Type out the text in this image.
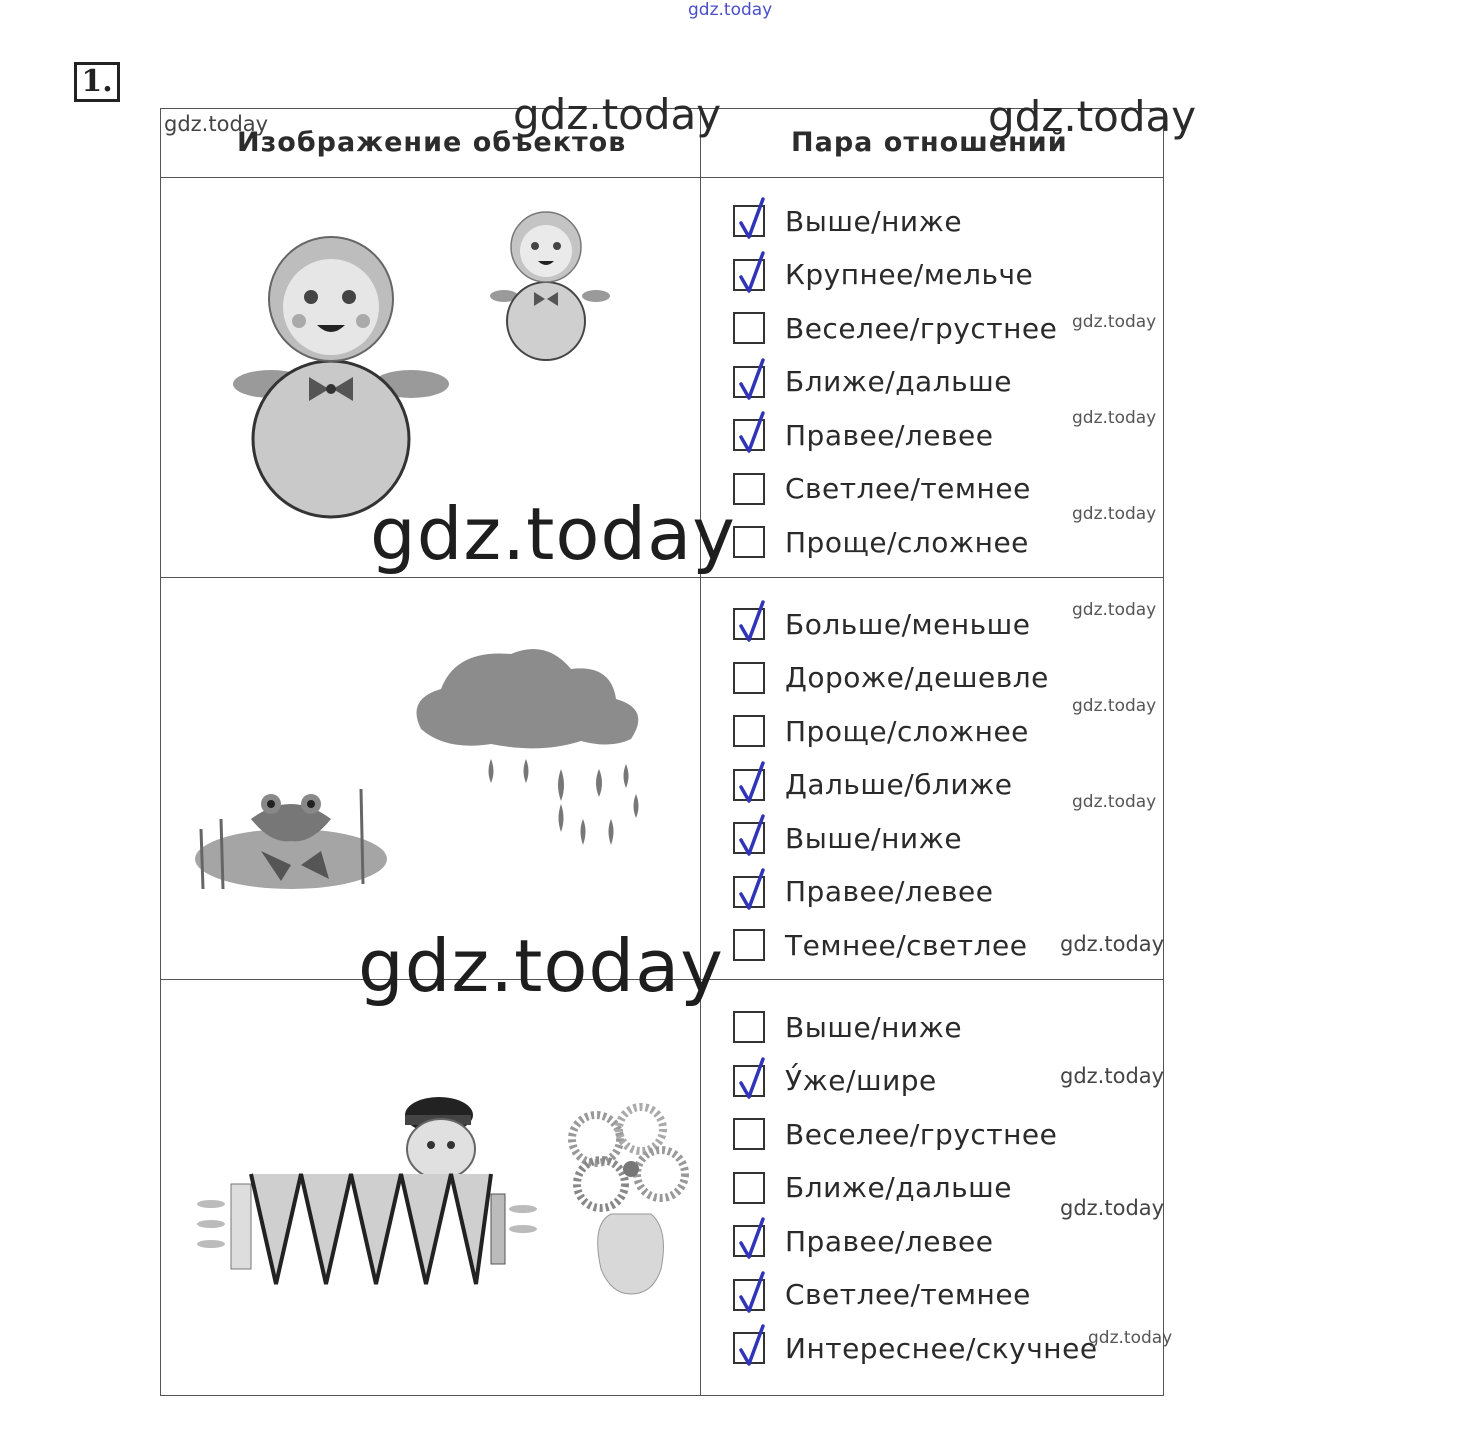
gdz.today
1.
Изображение объектов	Пара отношений
Выше/ниже
Крупнее/мельче
Веселее/грустнее
Ближе/дальше
Правее/левее
Светлее/темнее
Проще/сложнее
Больше/меньше
Дороже/дешевле
Проще/сложнее
Дальше/ближе
Выше/ниже
Правее/левее
Темнее/светлее
Выше/ниже
У́же/шире
Веселее/грустнее
Ближе/дальше
Правее/левее
Светлее/темнее
Интереснее/скучнее
gdz.today
gdz.today
gdz.today	gdz.today
gdz.today
gdz.today
gdz.today
gdz.today
gdz.today
gdz.today
gdz.today
gdz.today
gdz.today
gdz.today
gdz.today
